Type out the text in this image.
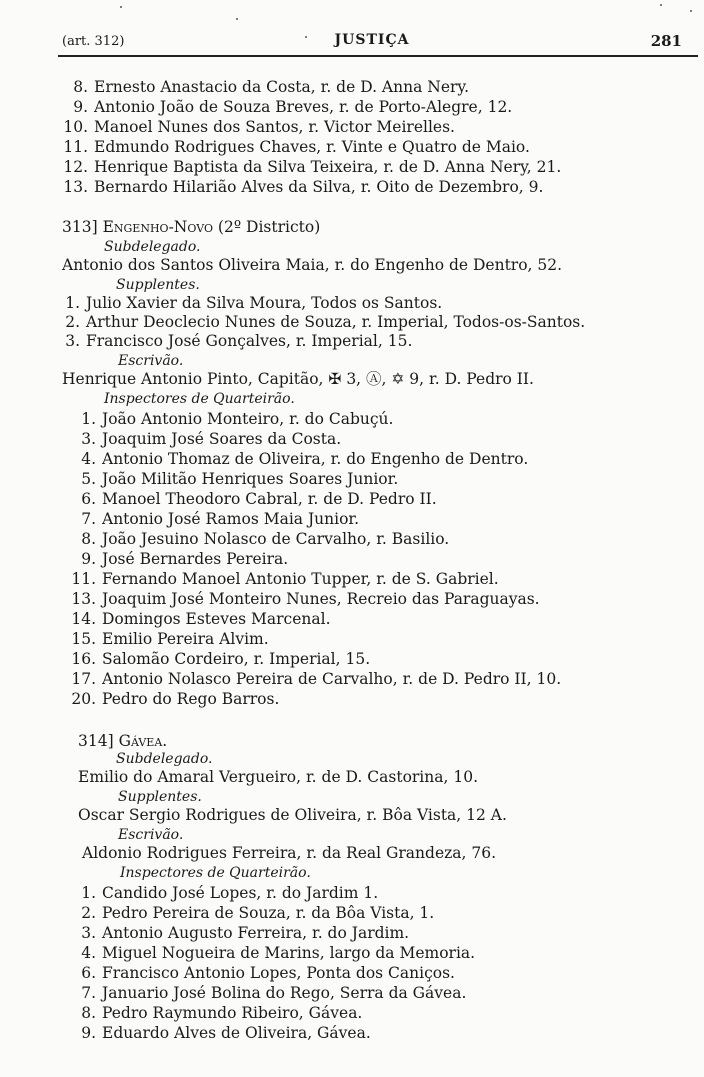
(art. 312)	JUSTIÇA	281
8. Ernesto Anastacio da Costa, r. de D. Anna Nery.
9. Antonio João de Souza Breves, r. de Porto-Alegre, 12.
10. Manoel Nunes dos Santos, r. Victor Meirelles.
11. Edmundo Rodrigues Chaves, r. Vinte e Quatro de Maio.
12. Henrique Baptista da Silva Teixeira, r. de D. Anna Nery, 21.
13. Bernardo Hilarião Alves da Silva, r. Oito de Dezembro, 9.
313] Engenho-Novo (2º Districto)
Subdelegado.
Antonio dos Santos Oliveira Maia, r. do Engenho de Dentro, 52.
Supplentes.
1. Julio Xavier da Silva Moura, Todos os Santos.
2. Arthur Deoclecio Nunes de Souza, r. Imperial, Todos-os-Santos.
3. Francisco José Gonçalves, r. Imperial, 15.
Escrivão.
Henrique Antonio Pinto, Capitão, ✠ 3, Ⓐ, ✡ 9, r. D. Pedro II.
Inspectores de Quarteirão.
1. João Antonio Monteiro, r. do Cabuçú.
3. Joaquim José Soares da Costa.
4. Antonio Thomaz de Oliveira, r. do Engenho de Dentro.
5. João Militão Henriques Soares Junior.
6. Manoel Theodoro Cabral, r. de D. Pedro II.
7. Antonio José Ramos Maia Junior.
8. João Jesuino Nolasco de Carvalho, r. Basilio.
9. José Bernardes Pereira.
11. Fernando Manoel Antonio Tupper, r. de S. Gabriel.
13. Joaquim José Monteiro Nunes, Recreio das Paraguayas.
14. Domingos Esteves Marcenal.
15. Emilio Pereira Alvim.
16. Salomão Cordeiro, r. Imperial, 15.
17. Antonio Nolasco Pereira de Carvalho, r. de D. Pedro II, 10.
20. Pedro do Rego Barros.
314] Gávea.
Subdelegado.
Emilio do Amaral Vergueiro, r. de D. Castorina, 10.
Supplentes.
Oscar Sergio Rodrigues de Oliveira, r. Bôa Vista, 12 A.
Escrivão.
Aldonio Rodrigues Ferreira, r. da Real Grandeza, 76.
Inspectores de Quarteirão.
1. Candido José Lopes, r. do Jardim 1.
2. Pedro Pereira de Souza, r. da Bôa Vista, 1.
3. Antonio Augusto Ferreira, r. do Jardim.
4. Miguel Nogueira de Marins, largo da Memoria.
6. Francisco Antonio Lopes, Ponta dos Caniços.
7. Januario José Bolina do Rego, Serra da Gávea.
8. Pedro Raymundo Ribeiro, Gávea.
9. Eduardo Alves de Oliveira, Gávea.
